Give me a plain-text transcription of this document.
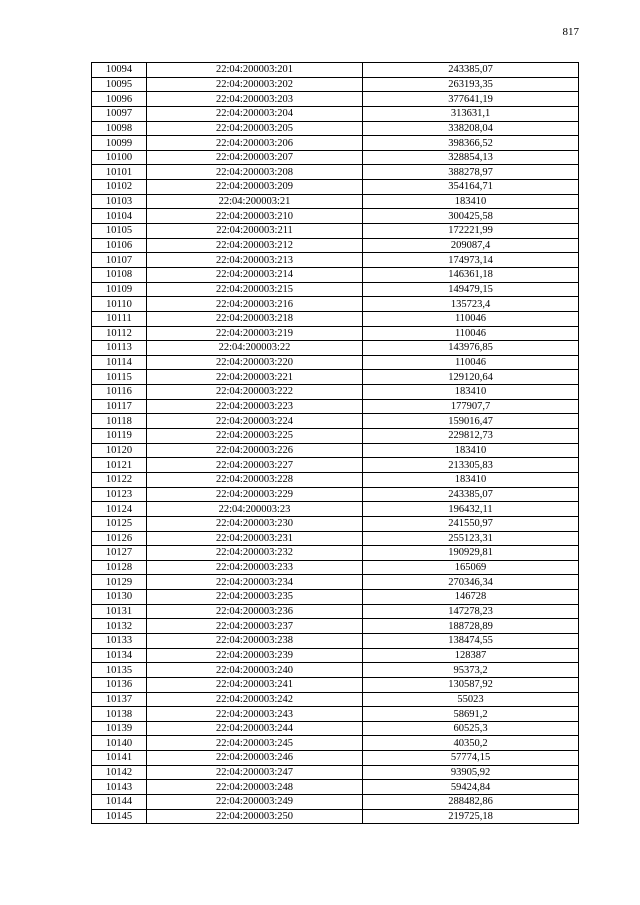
817
10094	22:04:200003:201	243385,07
10095	22:04:200003:202	263193,35
10096	22:04:200003:203	377641,19
10097	22:04:200003:204	313631,1
10098	22:04:200003:205	338208,04
10099	22:04:200003:206	398366,52
10100	22:04:200003:207	328854,13
10101	22:04:200003:208	388278,97
10102	22:04:200003:209	354164,71
10103	22:04:200003:21	183410
10104	22:04:200003:210	300425,58
10105	22:04:200003:211	172221,99
10106	22:04:200003:212	209087,4
10107	22:04:200003:213	174973,14
10108	22:04:200003:214	146361,18
10109	22:04:200003:215	149479,15
10110	22:04:200003:216	135723,4
10111	22:04:200003:218	110046
10112	22:04:200003:219	110046
10113	22:04:200003:22	143976,85
10114	22:04:200003:220	110046
10115	22:04:200003:221	129120,64
10116	22:04:200003:222	183410
10117	22:04:200003:223	177907,7
10118	22:04:200003:224	159016,47
10119	22:04:200003:225	229812,73
10120	22:04:200003:226	183410
10121	22:04:200003:227	213305,83
10122	22:04:200003:228	183410
10123	22:04:200003:229	243385,07
10124	22:04:200003:23	196432,11
10125	22:04:200003:230	241550,97
10126	22:04:200003:231	255123,31
10127	22:04:200003:232	190929,81
10128	22:04:200003:233	165069
10129	22:04:200003:234	270346,34
10130	22:04:200003:235	146728
10131	22:04:200003:236	147278,23
10132	22:04:200003:237	188728,89
10133	22:04:200003:238	138474,55
10134	22:04:200003:239	128387
10135	22:04:200003:240	95373,2
10136	22:04:200003:241	130587,92
10137	22:04:200003:242	55023
10138	22:04:200003:243	58691,2
10139	22:04:200003:244	60525,3
10140	22:04:200003:245	40350,2
10141	22:04:200003:246	57774,15
10142	22:04:200003:247	93905,92
10143	22:04:200003:248	59424,84
10144	22:04:200003:249	288482,86
10145	22:04:200003:250	219725,18
